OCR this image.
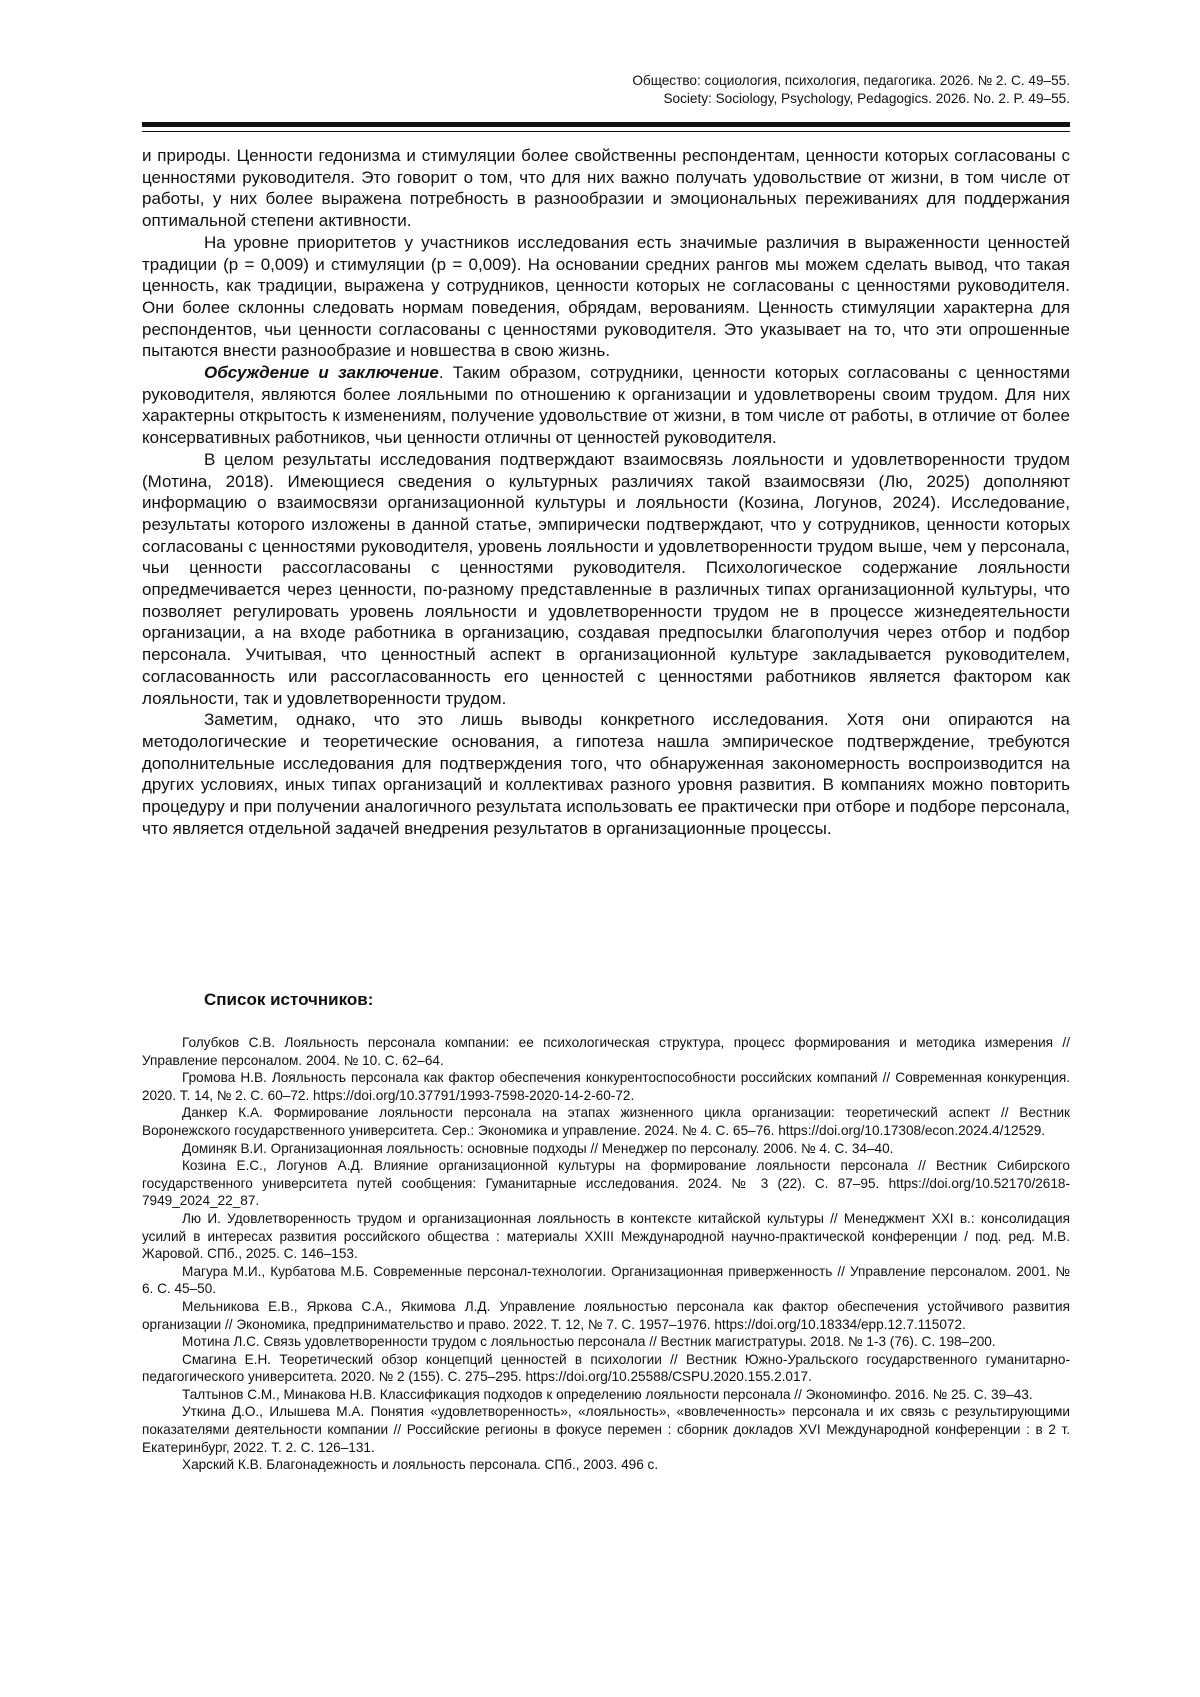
Общество: социология, психология, педагогика. 2026. № 2. С. 49–55.
Society: Sociology, Psychology, Pedagogics. 2026. No. 2. P. 49–55.

и природы. Ценности гедонизма и стимуляции более свойственны респондентам, ценности которых согласованы с ценностями руководителя. Это говорит о том, что для них важно получать удовольствие от жизни, в том числе от работы, у них более выражена потребность в разнообразии и эмоциональных переживаниях для поддержания оптимальной степени активности.

На уровне приоритетов у участников исследования есть значимые различия в выраженности ценностей традиции (p = 0,009) и стимуляции (p = 0,009). На основании средних рангов мы можем сделать вывод, что такая ценность, как традиции, выражена у сотрудников, ценности которых не согласованы с ценностями руководителя. Они более склонны следовать нормам поведения, обрядам, верованиям. Ценность стимуляции характерна для респондентов, чьи ценности согласованы с ценностями руководителя. Это указывает на то, что эти опрошенные пытаются внести разнообразие и новшества в свою жизнь.

Обсуждение и заключение. Таким образом, сотрудники, ценности которых согласованы с ценностями руководителя, являются более лояльными по отношению к организации и удовлетворены своим трудом. Для них характерны открытость к изменениям, получение удовольствие от жизни, в том числе от работы, в отличие от более консервативных работников, чьи ценности отличны от ценностей руководителя.

В целом результаты исследования подтверждают взаимосвязь лояльности и удовлетворенности трудом (Мотина, 2018). Имеющиеся сведения о культурных различиях такой взаимосвязи (Лю, 2025) дополняют информацию о взаимосвязи организационной культуры и лояльности (Козина, Логунов, 2024). Исследование, результаты которого изложены в данной статье, эмпирически подтверждают, что у сотрудников, ценности которых согласованы с ценностями руководителя, уровень лояльности и удовлетворенности трудом выше, чем у персонала, чьи ценности рассогласованы с ценностями руководителя. Психологическое содержание лояльности опредмечивается через ценности, по-разному представленные в различных типах организационной культуры, что позволяет регулировать уровень лояльности и удовлетворенности трудом не в процессе жизнедеятельности организации, а на входе работника в организацию, создавая предпосылки благополучия через отбор и подбор персонала. Учитывая, что ценностный аспект в организационной культуре закладывается руководителем, согласованность или рассогласованность его ценностей с ценностями работников является фактором как лояльности, так и удовлетворенности трудом.

Заметим, однако, что это лишь выводы конкретного исследования. Хотя они опираются на методологические и теоретические основания, а гипотеза нашла эмпирическое подтверждение, требуются дополнительные исследования для подтверждения того, что обнаруженная закономерность воспроизводится на других условиях, иных типах организаций и коллективах разного уровня развития. В компаниях можно повторить процедуру и при получении аналогичного результата использовать ее практически при отборе и подборе персонала, что является отдельной задачей внедрения результатов в организационные процессы.

Список источников:

Голубков С.В. Лояльность персонала компании: ее психологическая структура, процесс формирования и методика измерения // Управление персоналом. 2004. № 10. С. 62–64.

Громова Н.В. Лояльность персонала как фактор обеспечения конкурентоспособности российских компаний // Современная конкуренция. 2020. Т. 14, № 2. С. 60–72. https://doi.org/10.37791/1993-7598-2020-14-2-60-72.

Данкер К.А. Формирование лояльности персонала на этапах жизненного цикла организации: теоретический аспект // Вестник Воронежского государственного университета. Сер.: Экономика и управление. 2024. № 4. С. 65–76. https://doi.org/10.17308/econ.2024.4/12529.

Доминяк В.И. Организационная лояльность: основные подходы // Менеджер по персоналу. 2006. № 4. С. 34–40.

Козина Е.С., Логунов А.Д. Влияние организационной культуры на формирование лояльности персонала // Вестник Сибирского государственного университета путей сообщения: Гуманитарные исследования. 2024. № 3 (22). С. 87–95. https://doi.org/10.52170/2618-7949_2024_22_87.

Лю И. Удовлетворенность трудом и организационная лояльность в контексте китайской культуры // Менеджмент XXI в.: консолидация усилий в интересах развития российского общества : материалы XXIII Международной научно-практической конференции / под. ред. М.В. Жаровой. СПб., 2025. С. 146–153.

Магура М.И., Курбатова М.Б. Современные персонал-технологии. Организационная приверженность // Управление персоналом. 2001. № 6. С. 45–50.

Мельникова Е.В., Яркова С.А., Якимова Л.Д. Управление лояльностью персонала как фактор обеспечения устойчивого развития организации // Экономика, предпринимательство и право. 2022. Т. 12, № 7. С. 1957–1976. https://doi.org/10.18334/epp.12.7.115072.

Мотина Л.С. Связь удовлетворенности трудом с лояльностью персонала // Вестник магистратуры. 2018. № 1-3 (76). С. 198–200.

Смагина Е.Н. Теоретический обзор концепций ценностей в психологии // Вестник Южно-Уральского государственного гуманитарно-педагогического университета. 2020. № 2 (155). С. 275–295. https://doi.org/10.25588/CSPU.2020.155.2.017.

Талтынов С.М., Минакова Н.В. Классификация подходов к определению лояльности персонала // Экономинфо. 2016. № 25. С. 39–43.

Уткина Д.О., Илышева М.А. Понятия «удовлетворенность», «лояльность», «вовлеченность» персонала и их связь с результирующими показателями деятельности компании // Российские регионы в фокусе перемен : сборник докладов XVI Международной конференции : в 2 т. Екатеринбург, 2022. Т. 2. С. 126–131.

Харский К.В. Благонадежность и лояльность персонала. СПб., 2003. 496 с.
